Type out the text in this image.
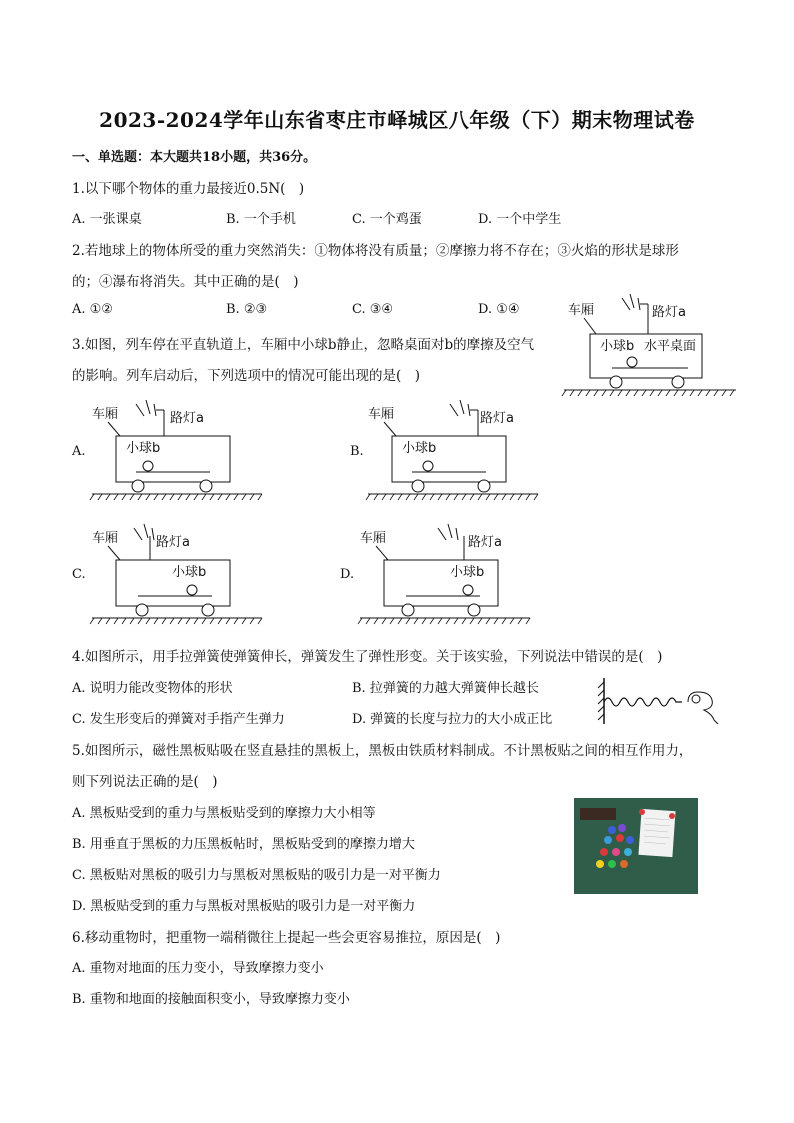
2023-2024学年山东省枣庄市峄城区八年级（下）期末物理试卷
一、单选题：本大题共18小题，共36分。
1.以下哪个物体的重力最接近0.5N(　)
A. 一张课桌	B. 一个手机	C. 一个鸡蛋	D. 一个中学生
2.若地球上的物体所受的重力突然消失：①物体将没有质量；②摩擦力将不存在；③火焰的形状是球形
的；④瀑布将消失。其中正确的是(　)
A. ①②	B. ②③	C. ③④	D. ①④
3.如图，列车停在平直轨道上，车厢中小球b静止，忽略桌面对b的摩擦及空气
的影响。列车启动后，下列选项中的情况可能出现的是(　)
车厢	路灯a
小球b 水平桌面
A.
车厢	路灯a
小球b	B.
车厢	路灯a
小球b
C.
车厢	路灯a
小球b	D.
车厢	路灯a
小球b
4.如图所示，用手拉弹簧使弹簧伸长，弹簧发生了弹性形变。关于该实验，下列说法中错误的是(　)
A. 说明力能改变物体的形状	B. 拉弹簧的力越大弹簧伸长越长
C. 发生形变后的弹簧对手指产生弹力	D. 弹簧的长度与拉力的大小成正比
5.如图所示，磁性黑板贴吸在竖直悬挂的黑板上，黑板由铁质材料制成。不计黑板贴之间的相互作用力，
则下列说法正确的是(　)
A. 黑板贴受到的重力与黑板贴受到的摩擦力大小相等
B. 用垂直于黑板的力压黑板帖时，黑板贴受到的摩擦力增大
C. 黑板贴对黑板的吸引力与黑板对黑板贴的吸引力是一对平衡力
D. 黑板贴受到的重力与黑板对黑板贴的吸引力是一对平衡力
6.移动重物时，把重物一端稍微往上提起一些会更容易推拉，原因是(　)
A. 重物对地面的压力变小，导致摩擦力变小
B. 重物和地面的接触面积变小，导致摩擦力变小
